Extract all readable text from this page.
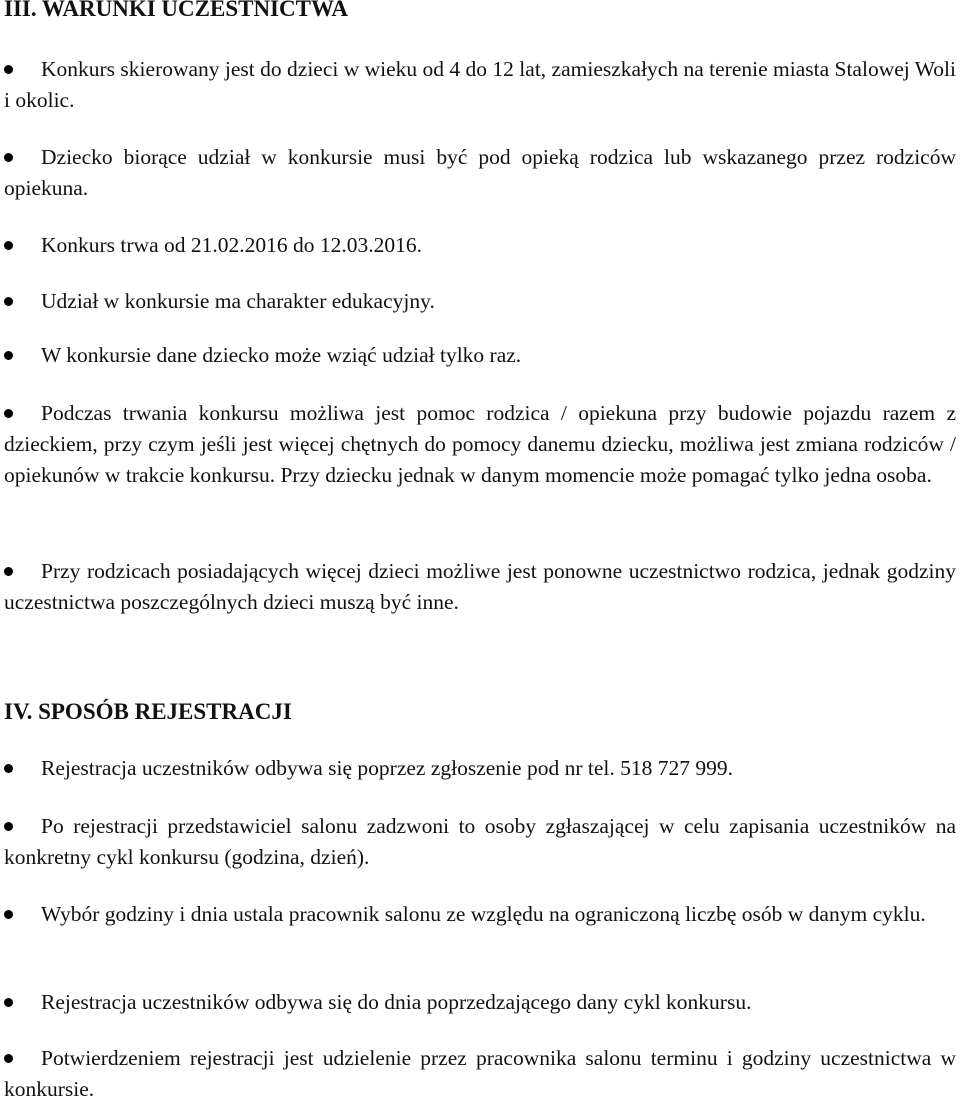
III. WARUNKI UCZESTNICTWA
Konkurs skierowany jest do dzieci w wieku od 4 do 12 lat, zamieszkałych na terenie miasta Stalowej Woli i okolic.
Dziecko biorące udział w konkursie musi być pod opieką rodzica lub wskazanego przez rodziców opiekuna.
Konkurs trwa od 21.02.2016 do 12.03.2016.
Udział w konkursie ma charakter edukacyjny.
W konkursie dane dziecko może wziąć udział tylko raz.
Podczas trwania konkursu możliwa jest pomoc rodzica / opiekuna przy budowie pojazdu razem z dzieckiem, przy czym jeśli jest więcej chętnych do pomocy danemu dziecku, możliwa jest zmiana rodziców / opiekunów w trakcie konkursu. Przy dziecku jednak w danym momencie może pomagać tylko jedna osoba.
Przy rodzicach posiadających więcej dzieci możliwe jest ponowne uczestnictwo rodzica, jednak godziny uczestnictwa poszczególnych dzieci muszą być inne.
IV. SPOSÓB REJESTRACJI
Rejestracja uczestników odbywa się poprzez zgłoszenie pod nr tel. 518 727 999.
Po rejestracji przedstawiciel salonu zadzwoni to osoby zgłaszającej w celu zapisania uczestników na konkretny cykl konkursu (godzina, dzień).
Wybór godziny i dnia ustala pracownik salonu ze względu na ograniczoną liczbę osób w danym cyklu.
Rejestracja uczestników odbywa się do dnia poprzedzającego dany cykl konkursu.
Potwierdzeniem rejestracji jest udzielenie przez pracownika salonu terminu i godziny uczestnictwa w konkursie.
